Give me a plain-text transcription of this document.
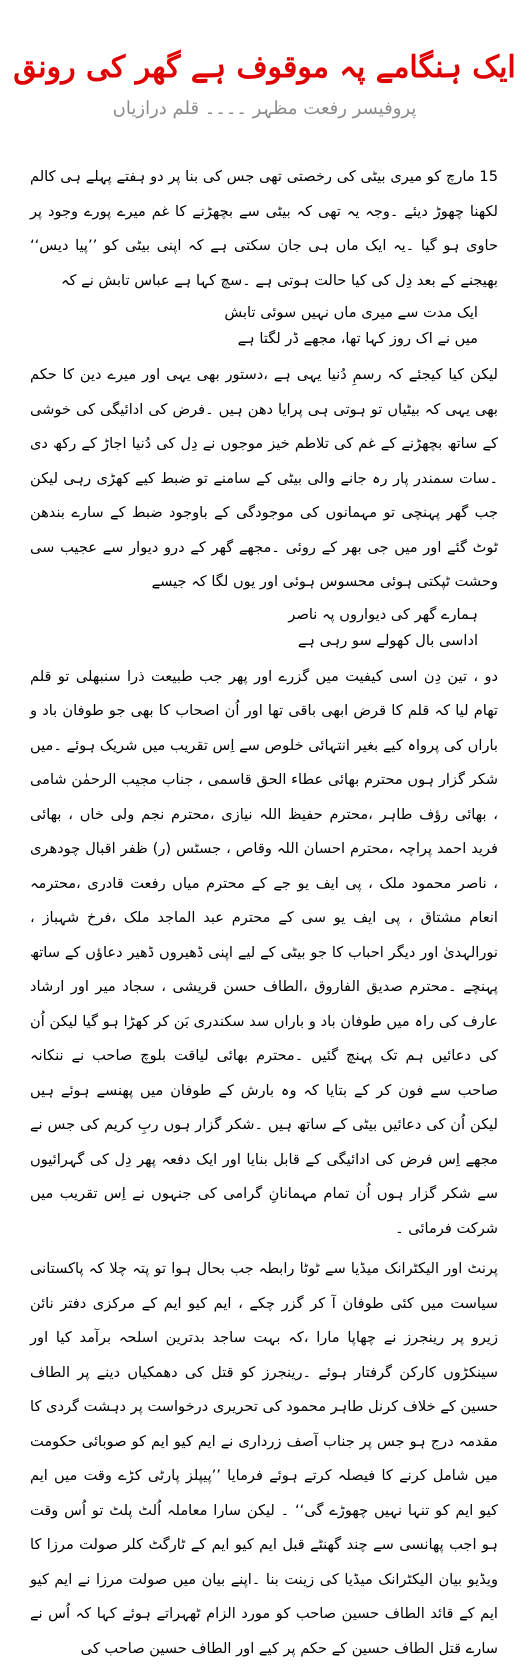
ایک ہنگامے پہ موقوف ہے گھر کی رونق
پروفیسر رفعت مظہر ۔۔۔۔ قلم درازیاں

15 مارچ کو میری بیٹی کی رخصتی تھی جس کی بنا پر دو ہفتے پہلے ہی کالم لکھنا چھوڑ دیئے ۔وجہ یہ تھی کہ بیٹی سے بچھڑنے کا غم میرے پورے وجود پر حاوی ہو گیا ۔یہ ایک ماں ہی جان سکتی ہے کہ اپنی بیٹی کو ’’پیا دیس‘‘ بھیجنے کے بعد دِل کی کیا حالت ہوتی ہے ۔سچ کہا ہے عباس تابش نے کہ

ایک مدت سے میری ماں نہیں سوئی تابش

میں نے اک روز کہا تھا، مجھے ڈر لگتا ہے

لیکن کیا کیجئے کہ رسمِ دُنیا یہی ہے ،دستور بھی یہی اور میرے دین کا حکم بھی یہی کہ بیٹیاں تو ہوتی ہی پرایا دھن ہیں ۔فرض کی ادائیگی کی خوشی کے ساتھ بچھڑنے کے غم کی تلاطم خیز موجوں نے دِل کی دُنیا اجاڑ کے رکھ دی ۔سات سمندر پار رہ جانے والی بیٹی کے سامنے تو ضبط کیے کھڑی رہی لیکن جب گھر پہنچی تو مہمانوں کی موجودگی کے باوجود ضبط کے سارے بندھن ٹوٹ گئے اور میں جی بھر کے روئی ۔مجھے گھر کے درو دیوار سے عجیب سی وحشت ٹپکتی ہوئی محسوس ہوئی اور یوں لگا کہ جیسے

ہمارے گھر کی دیواروں پہ ناصر

اداسی بال کھولے سو رہی ہے

دو ، تین دِن اسی کیفیت میں گزرے اور پھر جب طبیعت ذرا سنبھلی تو قلم تھام لیا کہ قلم کا قرض ابھی باقی تھا اور اُن اصحاب کا بھی جو طوفان باد و باراں کی پرواہ کیے بغیر انتہائی خلوص سے اِس تقریب میں شریک ہوئے ۔میں شکر گزار ہوں محترم بھائی عطاء الحق قاسمی ، جناب مجیب الرحمٰن شامی ، بھائی رؤف طاہر ،محترم حفیظ اللہ نیازی ،محترم نجم ولی خاں ، بھائی فرید احمد پراچہ ،محترم احسان اللہ وقاص ، جسٹس (ر) ظفر اقبال چودھری ، ناصر محمود ملک ، پی ایف یو جے کے محترم میاں رفعت قادری ،محترمہ انعام مشتاق ، پی ایف یو سی کے محترم عبد الماجد ملک ،فرخ شہباز ، نورالہدیٰ اور دیگر احباب کا جو بیٹی کے لیے اپنی ڈھیروں ڈھیر دعاؤں کے ساتھ پہنچے ۔محترم صدیق الفاروق ،الطاف حسن قریشی ، سجاد میر اور ارشاد عارف کی راہ میں طوفان باد و باراں سد سکندری بَن کر کھڑا ہو گیا لیکن اُن کی دعائیں ہم تک پہنچ گئیں ۔محترم بھائی لیاقت بلوچ صاحب نے ننکانہ صاحب سے فون کر کے بتایا کہ وہ بارش کے طوفان میں پھنسے ہوئے ہیں لیکن اُن کی دعائیں بیٹی کے ساتھ ہیں ۔شکر گزار ہوں ربِ کریم کی جس نے مجھے اِس فرض کی ادائیگی کے قابل بنایا اور ایک دفعہ پھر دِل کی گہرائیوں سے شکر گزار ہوں اُن تمام مہمانانِ گرامی کی جنہوں نے اِس تقریب میں شرکت فرمائی ۔

پرنٹ اور الیکٹرانک میڈیا سے ٹوٹا رابطہ جب بحال ہوا تو پتہ چلا کہ پاکستانی سیاست میں کئی طوفان آ کر گزر چکے ، ایم کیو ایم کے مرکزی دفتر نائن زیرو پر رینجرز نے چھاپا مارا ،کہ بہت ساجد بدترین اسلحہ برآمد کیا اور سینکڑوں کارکن گرفتار ہوئے ۔رینجرز کو قتل کی دھمکیاں دینے پر الطاف حسین کے خلاف کرنل طاہر محمود کی تحریری درخواست پر دہشت گردی کا مقدمہ درج ہو جس پر جناب آصف زرداری نے ایم کیو ایم کو صوبائی حکومت میں شامل کرنے کا فیصلہ کرتے ہوئے فرمایا ’’پیپلز پارٹی کڑے وقت میں ایم کیو ایم کو تنہا نہیں چھوڑے گی‘‘ ۔ لیکن سارا معاملہ اُلٹ پلٹ تو اُس وقت ہو اجب پھانسی سے چند گھنٹے قبل ایم کیو ایم کے ٹارگٹ کلر صولت مرزا کا ویڈیو بیان الیکٹرانک میڈیا کی زینت بنا ۔اپنے بیان میں صولت مرزا نے ایم کیو ایم کے قائد الطاف حسین صاحب کو مورد الزام ٹھہراتے ہوئے کہا کہ اُس نے سارے قتل الطاف حسین کے حکم پر کیے اور الطاف حسین صاحب کی
